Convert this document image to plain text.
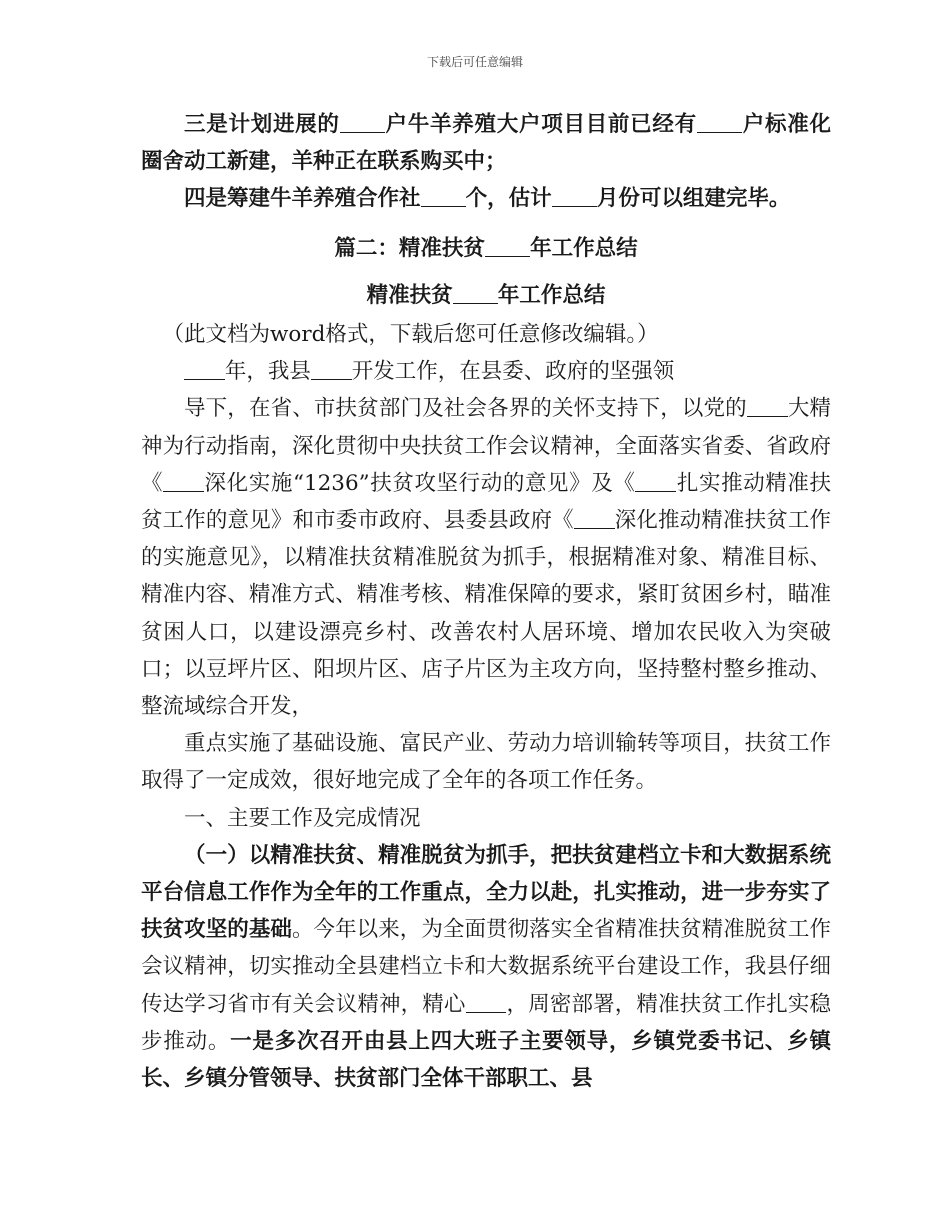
下载后可任意编辑

三是计划进展的 户牛羊养殖大户项目目前已经有 户标准化圈舍动工新建，羊种正在联系购买中；

四是筹建牛羊养殖合作社 个，估计 月份可以组建完毕。

篇二：精准扶贫 年工作总结

精准扶贫 年工作总结

（此文档为word格式，下载后您可任意修改编辑。）

年，我县 开发工作，在县委、政府的坚强领

导下，在省、市扶贫部门及社会各界的关怀支持下，以党的 大精神为行动指南，深化贯彻中央扶贫工作会议精神，全面落实省委、省政府《 深化实施“1236”扶贫攻坚行动的意见》及《 扎实推动精准扶贫工作的意见》和市委市政府、县委县政府《 深化推动精准扶贫工作的实施意见》，以精准扶贫精准脱贫为抓手，根据精准对象、精准目标、精准内容、精准方式、精准考核、精准保障的要求，紧盯贫困乡村，瞄准贫困人口，以建设漂亮乡村、改善农村人居环境、增加农民收入为突破口；以豆坪片区、阳坝片区、店子片区为主攻方向，坚持整村整乡推动、整流域综合开发，

重点实施了基础设施、富民产业、劳动力培训输转等项目，扶贫工作取得了一定成效，很好地完成了全年的各项工作任务。

一、主要工作及完成情况

（一）以精准扶贫、精准脱贫为抓手，把扶贫建档立卡和大数据系统平台信息工作作为全年的工作重点，全力以赴，扎实推动，进一步夯实了扶贫攻坚的基础。今年以来，为全面贯彻落实全省精准扶贫精准脱贫工作会议精神，切实推动全县建档立卡和大数据系统平台建设工作，我县仔细传达学习省市有关会议精神，精心 ，周密部署，精准扶贫工作扎实稳步推动。一是多次召开由县上四大班子主要领导，乡镇党委书记、乡镇长、乡镇分管领导、扶贫部门全体干部职工、县
